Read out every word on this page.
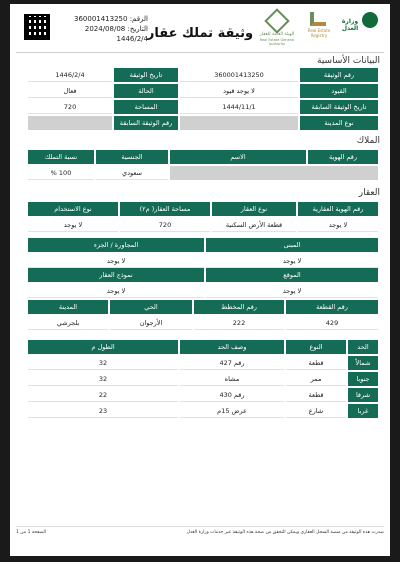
الرقم: 360001413250
التاريخ: 2024/08/08
1446/2/4
وثيقة تملك عقار	الهيئة العامة للعقار
Real Estate General Authority
Real Estate Registry
وزارة العدل
البيانات الأساسية
رقم الوثيقة
360001413250
تاريخ الوثيقة
1446/2/4
القيود
لا يوجد قيود
الحالة
فعال
تاريخ الوثيقة السابقة
1444/11/1
المساحة
720
نوع المدينة
رقم الوثيقة السابقة
الملاك
رقم الهوية
الاسم
الجنسية
نسبة التملك
سعودي
100 %
العقار
رقم الهوية العقارية
نوع العقار
مساحة العقار( م٢)
نوع الاستخدام
لا يوجد
قطعة الأرض السكنية
720
لا يوجد
المبنى
المجاورة / الجزء
لا يوجد
لا يوجد
الموقع
نموذج العقار
لا يوجد
لا يوجد
رقم القطعة
رقم المخطط
الحي
المدينة
429
222
الأرجوان
بلجرشي
الحد
النوع
وصف الحد
الطول م
شمالاً
قطعة
رقم 427
32
جنوبا
ممر
مشاه
32
شرقا
قطعة
رقم 430
22
غربا
شارع
عرض 15م
23
صدرت هذه الوثيقة من منصة السجل العقاري ويمكن التحقق من صحة هذه الوثيقة عبر خدمات وزارة العدل
الصفحة 1 من 1
